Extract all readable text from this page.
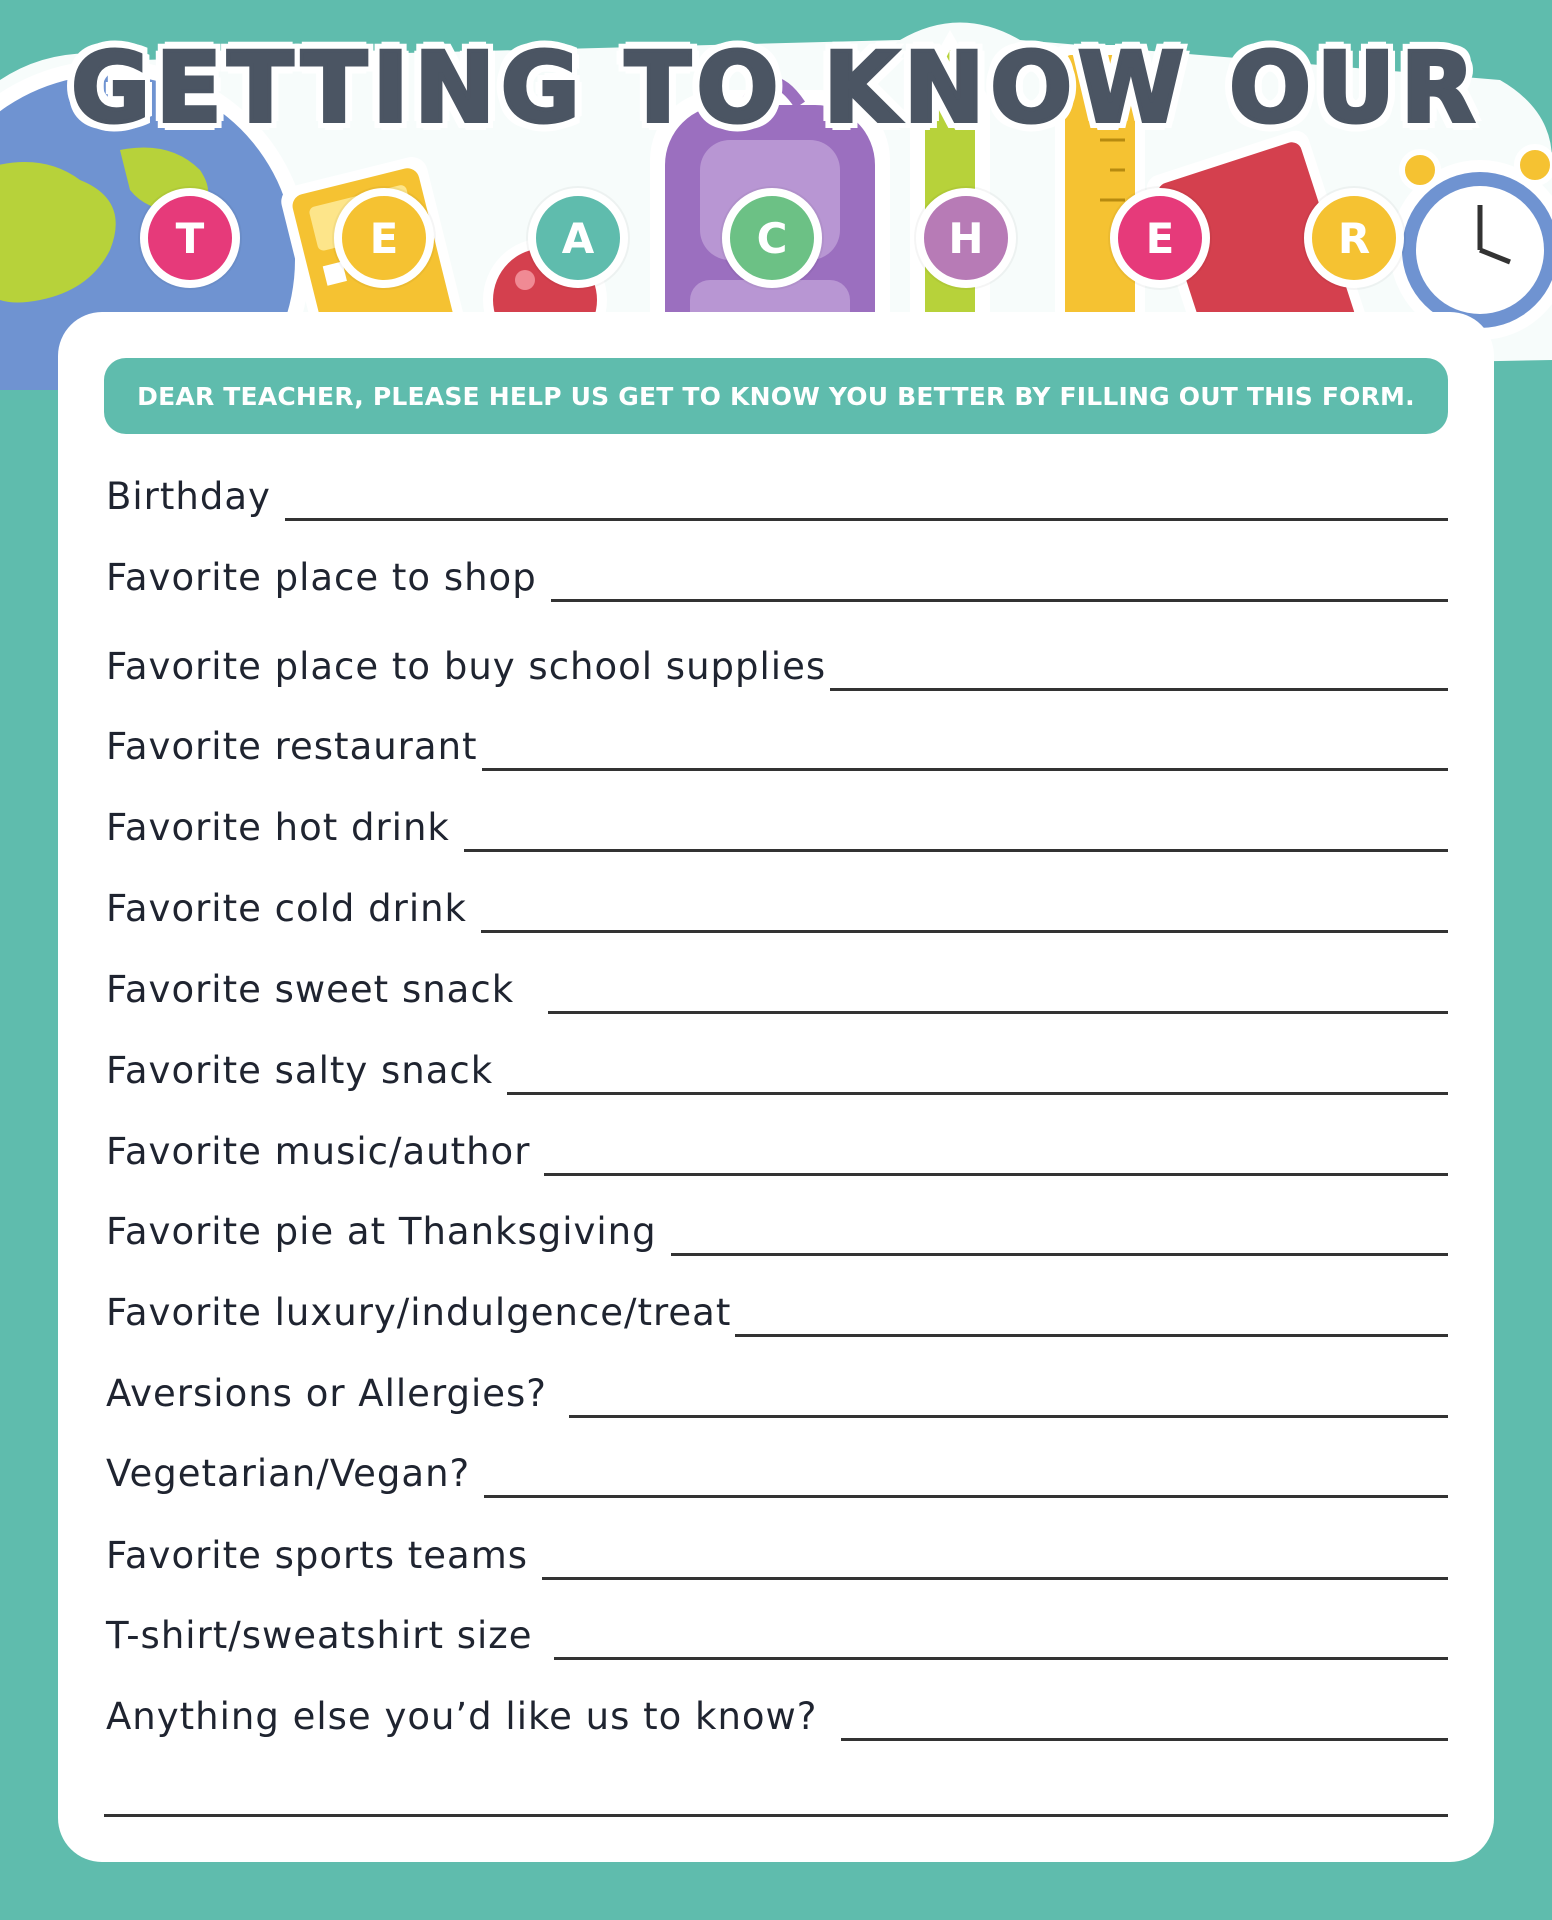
GETTING TO KNOW OUR
T	E	A	C	H	E	R
DEAR TEACHER, PLEASE HELP US GET TO KNOW YOU BETTER BY FILLING OUT THIS FORM.
Birthday
Favorite place to shop
Favorite place to buy school supplies
Favorite restaurant
Favorite hot drink
Favorite cold drink
Favorite sweet snack
Favorite salty snack
Favorite music/author
Favorite pie at Thanksgiving
Favorite luxury/indulgence/treat
Aversions or Allergies?
Vegetarian/Vegan?
Favorite sports teams
T-shirt/sweatshirt size
Anything else you’d like us to know?
